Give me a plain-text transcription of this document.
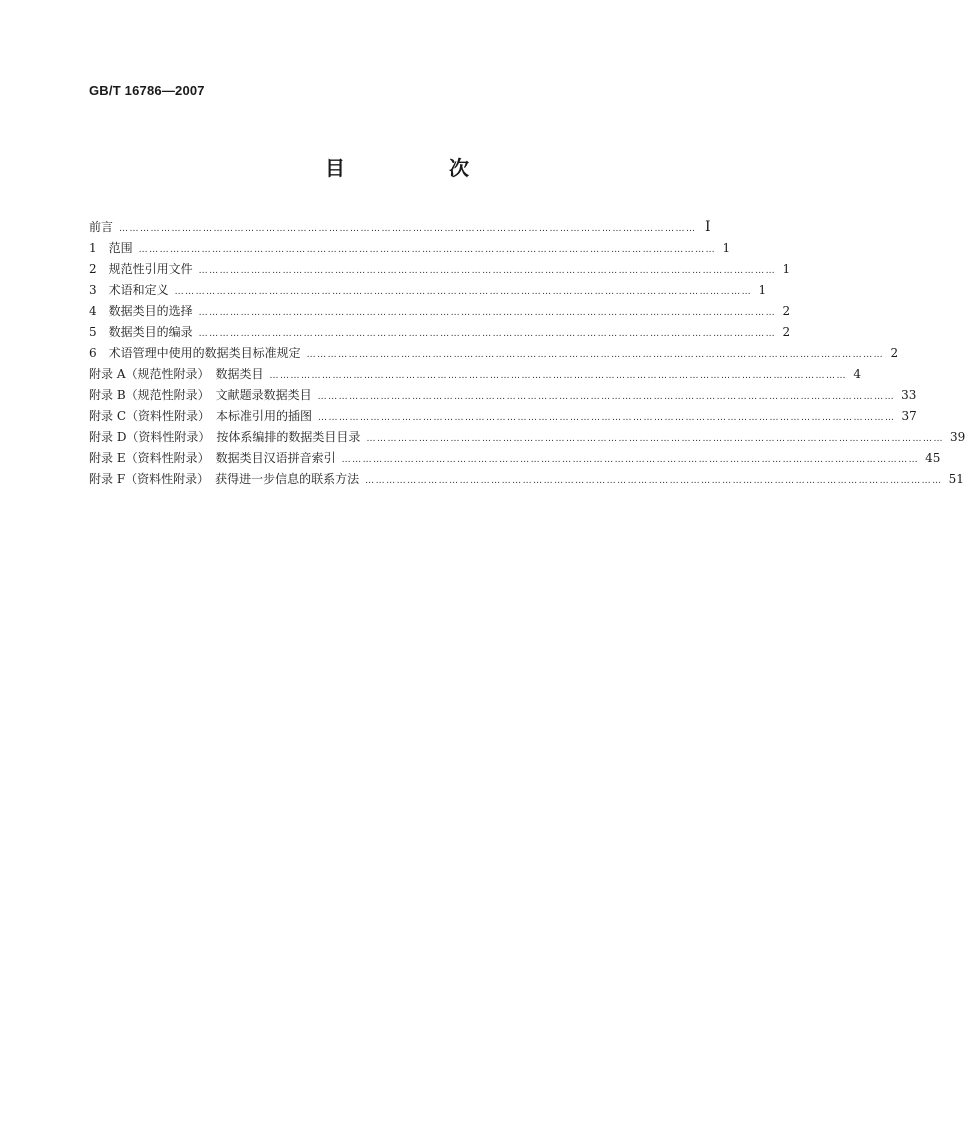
GB/T 16786—2007
目　次
前言 ………………………………………………………………………………………………………………………………………………… I
1　范围 ………………………………………………………………………………………………………………………………………………… 1
2　规范性引用文件 ………………………………………………………………………………………………………………………………………………… 1
3　术语和定义 ………………………………………………………………………………………………………………………………………………… 1
4　数据类目的选择 ………………………………………………………………………………………………………………………………………………… 2
5　数据类目的编录 ………………………………………………………………………………………………………………………………………………… 2
6　术语管理中使用的数据类目标准规定 ………………………………………………………………………………………………………………………………………………… 2
附录 A（规范性附录）　数据类目 ………………………………………………………………………………………………………………………………………………… 4
附录 B（规范性附录）　文献题录数据类目 ………………………………………………………………………………………………………………………………………………… 33
附录 C（资料性附录）　本标准引用的插图 ………………………………………………………………………………………………………………………………………………… 37
附录 D（资料性附录）　按体系编排的数据类目目录 ………………………………………………………………………………………………………………………………………………… 39
附录 E（资料性附录）　数据类目汉语拼音索引 ………………………………………………………………………………………………………………………………………………… 45
附录 F（资料性附录）　获得进一步信息的联系方法 ………………………………………………………………………………………………………………………………………………… 51
